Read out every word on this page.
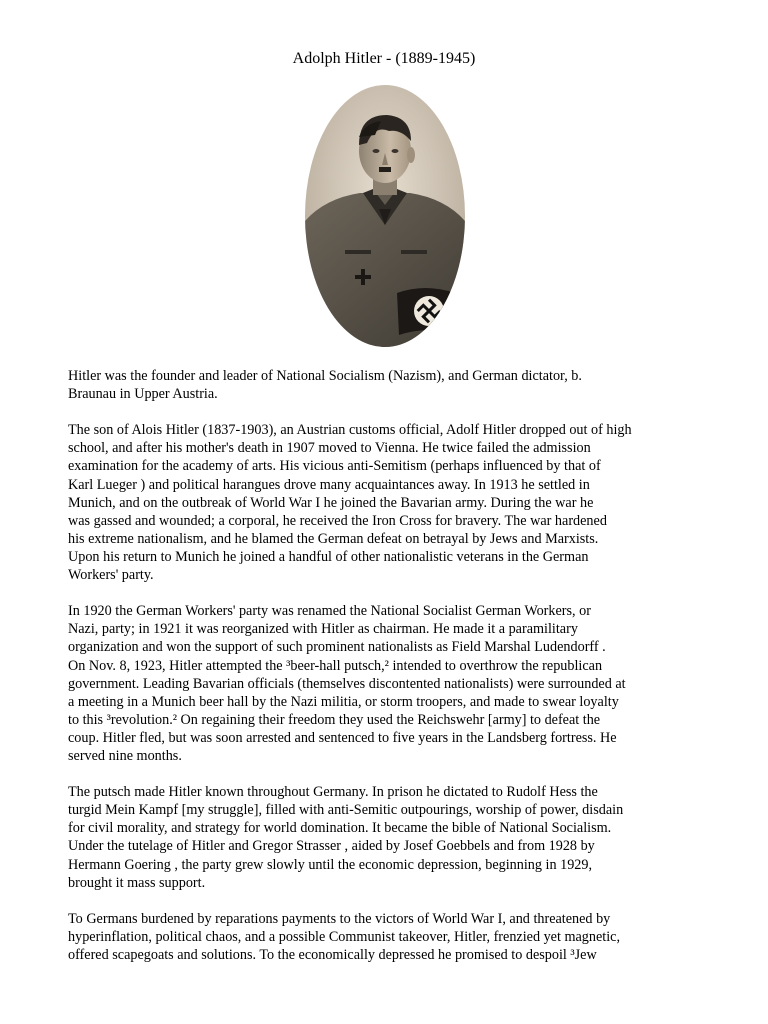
Adolph Hitler - (1889-1945)

Hitler was the founder and leader of National Socialism (Nazism), and German dictator, b.
Braunau in Upper Austria.

The son of Alois Hitler (1837-1903), an Austrian customs official, Adolf Hitler dropped out of high
school, and after his mother's death in 1907 moved to Vienna. He twice failed the admission
examination for the academy of arts. His vicious anti-Semitism (perhaps influenced by that of
Karl Lueger ) and political harangues drove many acquaintances away. In 1913 he settled in
Munich, and on the outbreak of World War I he joined the Bavarian army. During the war he
was gassed and wounded; a corporal, he received the Iron Cross for bravery. The war hardened
his extreme nationalism, and he blamed the German defeat on betrayal by Jews and Marxists.
Upon his return to Munich he joined a handful of other nationalistic veterans in the German
Workers' party.

In 1920 the German Workers' party was renamed the National Socialist German Workers, or
Nazi, party; in 1921 it was reorganized with Hitler as chairman. He made it a paramilitary
organization and won the support of such prominent nationalists as Field Marshal Ludendorff .
On Nov. 8, 1923, Hitler attempted the ³beer-hall putsch,² intended to overthrow the republican
government. Leading Bavarian officials (themselves discontented nationalists) were surrounded at
a meeting in a Munich beer hall by the Nazi militia, or storm troopers, and made to swear loyalty
to this ³revolution.² On regaining their freedom they used the Reichswehr [army] to defeat the
coup. Hitler fled, but was soon arrested and sentenced to five years in the Landsberg fortress. He
served nine months.

The putsch made Hitler known throughout Germany. In prison he dictated to Rudolf Hess the
turgid Mein Kampf [my struggle], filled with anti-Semitic outpourings, worship of power, disdain
for civil morality, and strategy for world domination. It became the bible of National Socialism.
Under the tutelage of Hitler and Gregor Strasser , aided by Josef Goebbels and from 1928 by
Hermann Goering , the party grew slowly until the economic depression, beginning in 1929,
brought it mass support.

To Germans burdened by reparations payments to the victors of World War I, and threatened by
hyperinflation, political chaos, and a possible Communist takeover, Hitler, frenzied yet magnetic,
offered scapegoats and solutions. To the economically depressed he promised to despoil ³Jew
